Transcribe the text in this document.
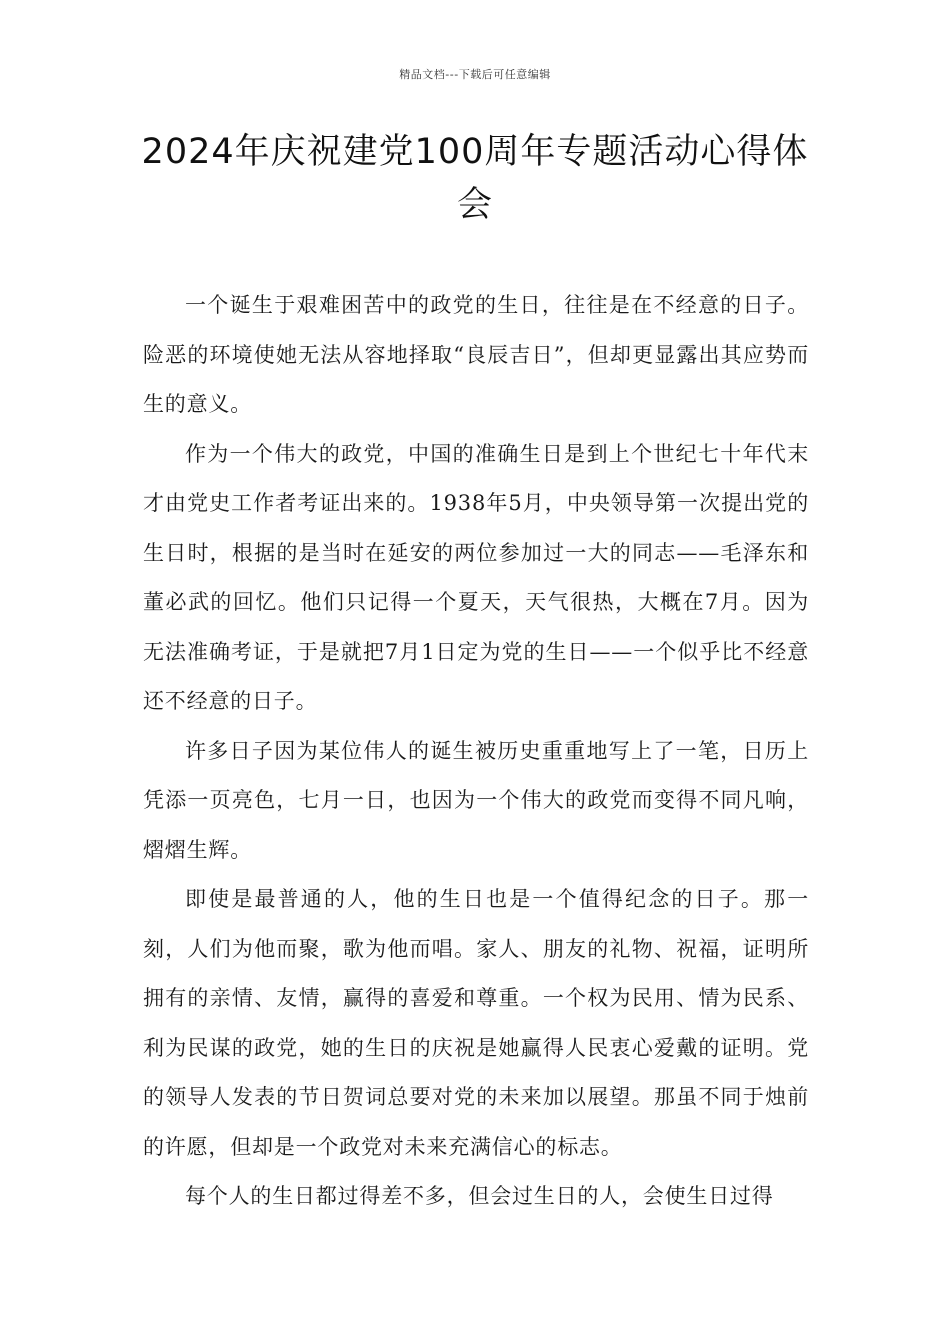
精品文档---下载后可任意编辑
2024年庆祝建党100周年专题活动心得体会

一个诞生于艰难困苦中的政党的生日，往往是在不经意的日子。险恶的环境使她无法从容地择取“良辰吉日”，但却更显露出其应势而生的意义。

作为一个伟大的政党，中国的准确生日是到上个世纪七十年代末才由党史工作者考证出来的。1938年5月，中央领导第一次提出党的生日时，根据的是当时在延安的两位参加过一大的同志——毛泽东和董必武的回忆。他们只记得一个夏天，天气很热，大概在7月。因为无法准确考证，于是就把7月1日定为党的生日——一个似乎比不经意还不经意的日子。

许多日子因为某位伟人的诞生被历史重重地写上了一笔，日历上凭添一页亮色，七月一日，也因为一个伟大的政党而变得不同凡响，熠熠生辉。

即使是最普通的人，他的生日也是一个值得纪念的日子。那一刻，人们为他而聚，歌为他而唱。家人、朋友的礼物、祝福，证明所拥有的亲情、友情，赢得的喜爱和尊重。一个权为民用、情为民系、利为民谋的政党，她的生日的庆祝是她赢得人民衷心爱戴的证明。党的领导人发表的节日贺词总要对党的未来加以展望。那虽不同于烛前的许愿，但却是一个政党对未来充满信心的标志。

每个人的生日都过得差不多，但会过生日的人，会使生日过得
